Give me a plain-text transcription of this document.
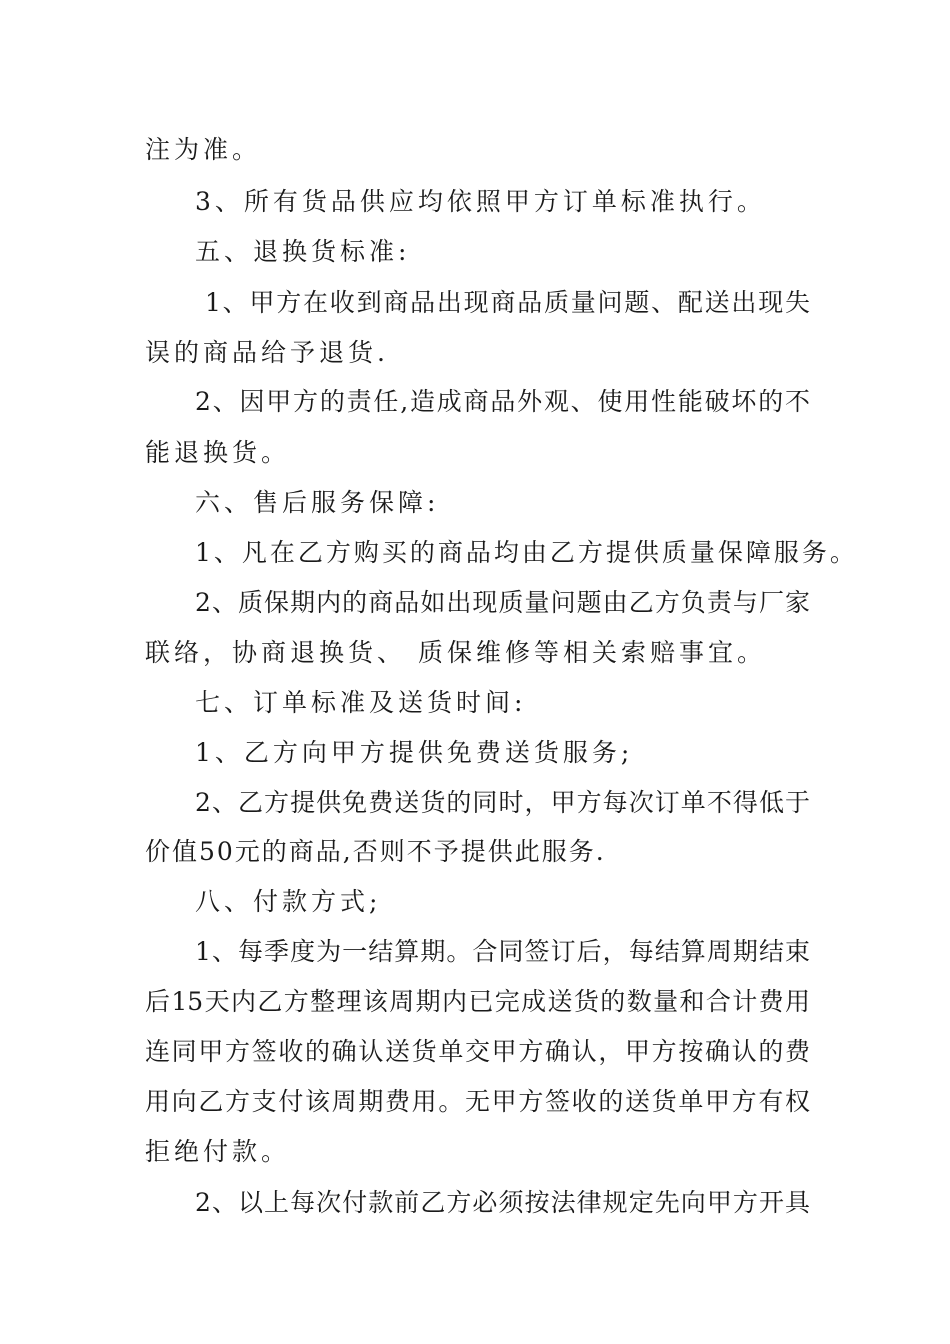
注为准。
3、所有货品供应均依照甲方订单标准执行。
五、退换货标准:
1、甲方在收到商品出现商品质量问题、配送出现失
误的商品给予退货.
2、因甲方的责任,造成商品外观、使用性能破坏的不
能退换货。
六、售后服务保障:
1、凡在乙方购买的商品均由乙方提供质量保障服务。
2、质保期内的商品如出现质量问题由乙方负责与厂家
联络，协商退换货、 质保维修等相关索赔事宜。
七、订单标准及送货时间:
1、乙方向甲方提供免费送货服务;
2、乙方提供免费送货的同时，甲方每次订单不得低于
价值50元的商品,否则不予提供此服务.
八、付款方式;
1、每季度为一结算期。合同签订后，每结算周期结束
后15天内乙方整理该周期内已完成送货的数量和合计费用
连同甲方签收的确认送货单交甲方确认，甲方按确认的费
用向乙方支付该周期费用。无甲方签收的送货单甲方有权
拒绝付款。
2、以上每次付款前乙方必须按法律规定先向甲方开具
